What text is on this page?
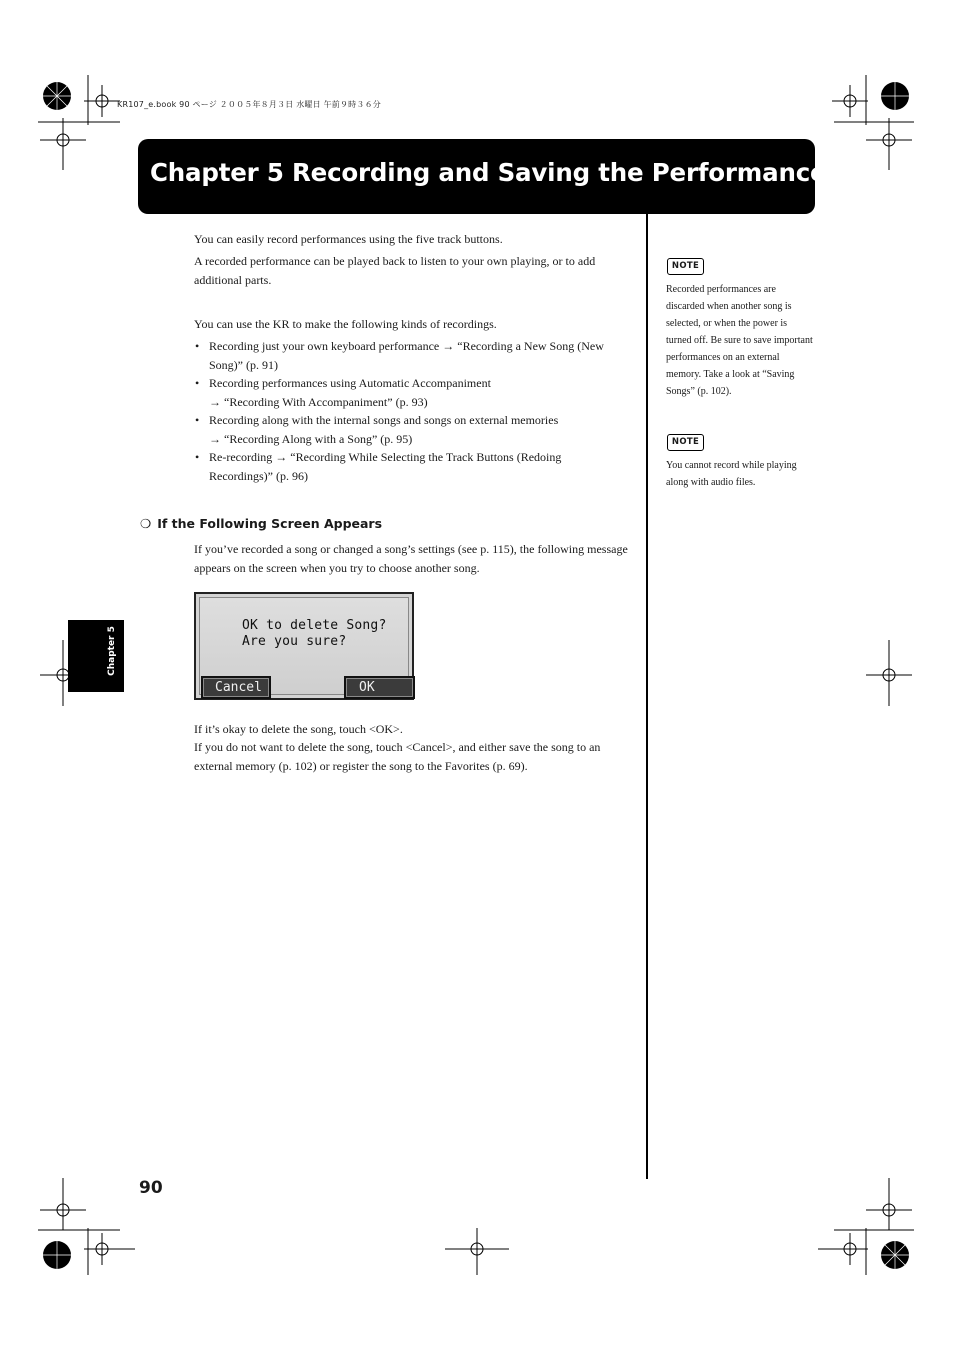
KR107_e.book 90 ページ ２００５年８月３日 水曜日 午前９時３６分
Chapter 5 Recording and Saving the Performance
You can easily record performances using the five track buttons.
A recorded performance can be played back to listen to your own playing, or to add additional parts.
You can use the KR to make the following kinds of recordings.
• Recording just your own keyboard performance → “Recording a New Song (New Song)” (p. 91)
• Recording performances using Automatic Accompaniment
→ “Recording With Accompaniment” (p. 93)
• Recording along with the internal songs and songs on external memories
→ “Recording Along with a Song” (p. 95)
• Re-recording → “Recording While Selecting the Track Buttons (Redoing Recordings)” (p. 96)
❍ If the Following Screen Appears
If you’ve recorded a song or changed a song’s settings (see p. 115), the following message appears on the screen when you try to choose another song.
OK to delete Song?
Are you sure?
Cancel	OK
If it’s okay to delete the song, touch <OK>.
If you do not want to delete the song, touch <Cancel>, and either save the song to an external memory (p. 102) or register the song to the Favorites (p. 69).
NOTE
Recorded performances are discarded when another song is selected, or when the power is turned off. Be sure to save important performances on an external memory. Take a look at “Saving Songs” (p. 102).
NOTE
You cannot record while playing along with audio files.
Chapter 5
90
